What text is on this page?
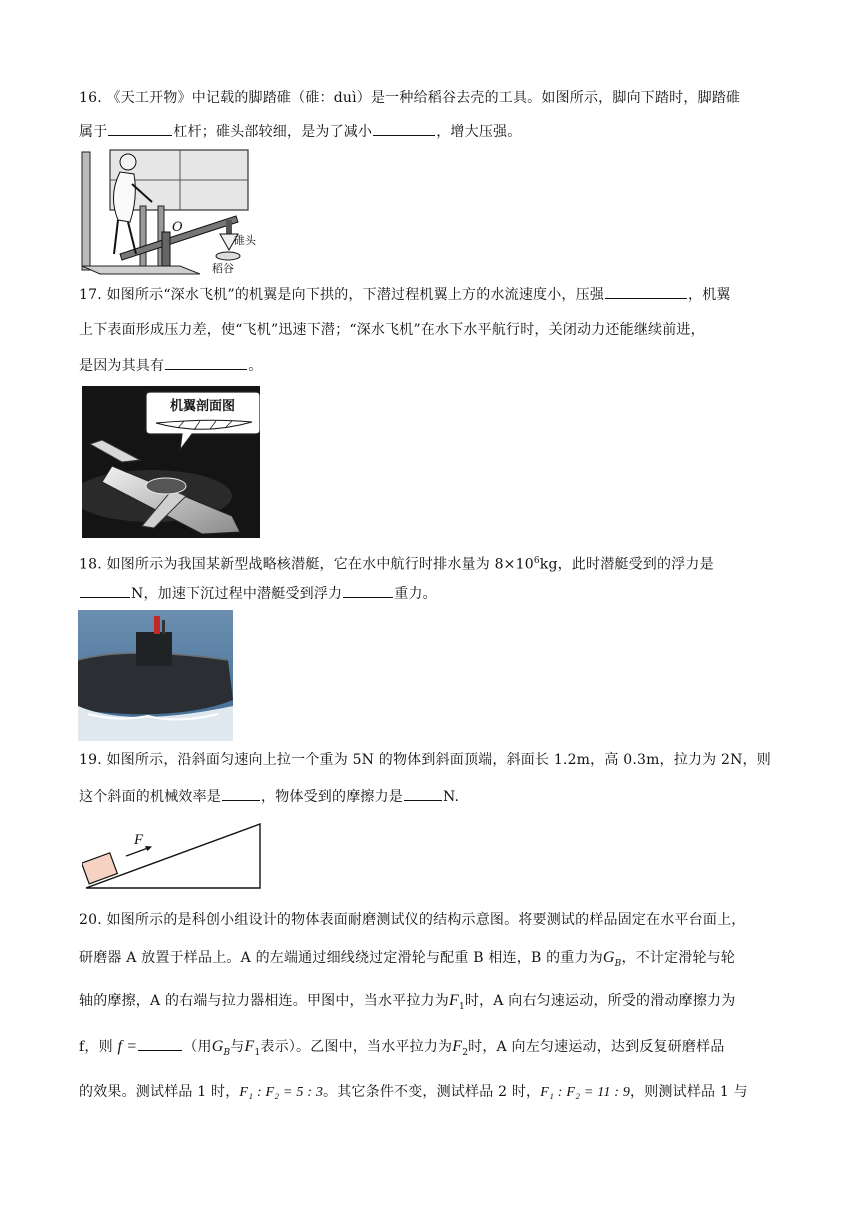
16. 《天工开物》中记载的脚踏碓（碓：duì）是一种给稻谷去壳的工具。如图所示，脚向下踏时，脚踏碓
属于	杠杆；碓头部较细，是为了减小	，增大压强。
O
碓头
稻谷
17. 如图所示“深水飞机”的机翼是向下拱的，下潜过程机翼上方的水流速度小，压强	，机翼
上下表面形成压力差，使“飞机”迅速下潜；“深水飞机”在水下水平航行时，关闭动力还能继续前进，
是因为其具有	。
机翼剖面图
18. 如图所示为我国某新型战略核潜艇，它在水中航行时排水量为 $8\times 10^6kg$，此时潜艇受到的浮力是
N，加速下沉过程中潜艇受到浮力	重力。
19. 如图所示，沿斜面匀速向上拉一个重为 5N 的物体到斜面顶端，斜面长 1.2m，高 0.3m，拉力为 2N，则
这个斜面的机械效率是	，物体受到的摩擦力是	N.
F
20. 如图所示的是科创小组设计的物体表面耐磨测试仪的结构示意图。将要测试的样品固定在水平台面上，
研磨器 A 放置于样品上。A 的左端通过细线绕过定滑轮与配重 B 相连，B 的重力为$G_B$，不计定滑轮与轮
轴的摩擦，A 的右端与拉力器相连。甲图中，当水平拉力为$F_1$时，A 向右匀速运动，所受的滑动摩擦力为
f，则 f =	（用$G_B$与$F_1$表示）。乙图中，当水平拉力为$F_2$时，A 向左匀速运动，达到反复研磨样品
的效果。测试样品 1 时，F₁ : F₂ = 5 : 3。其它条件不变，测试样品 2 时，F₁ : F₂ = 11 : 9，则测试样品 1 与
